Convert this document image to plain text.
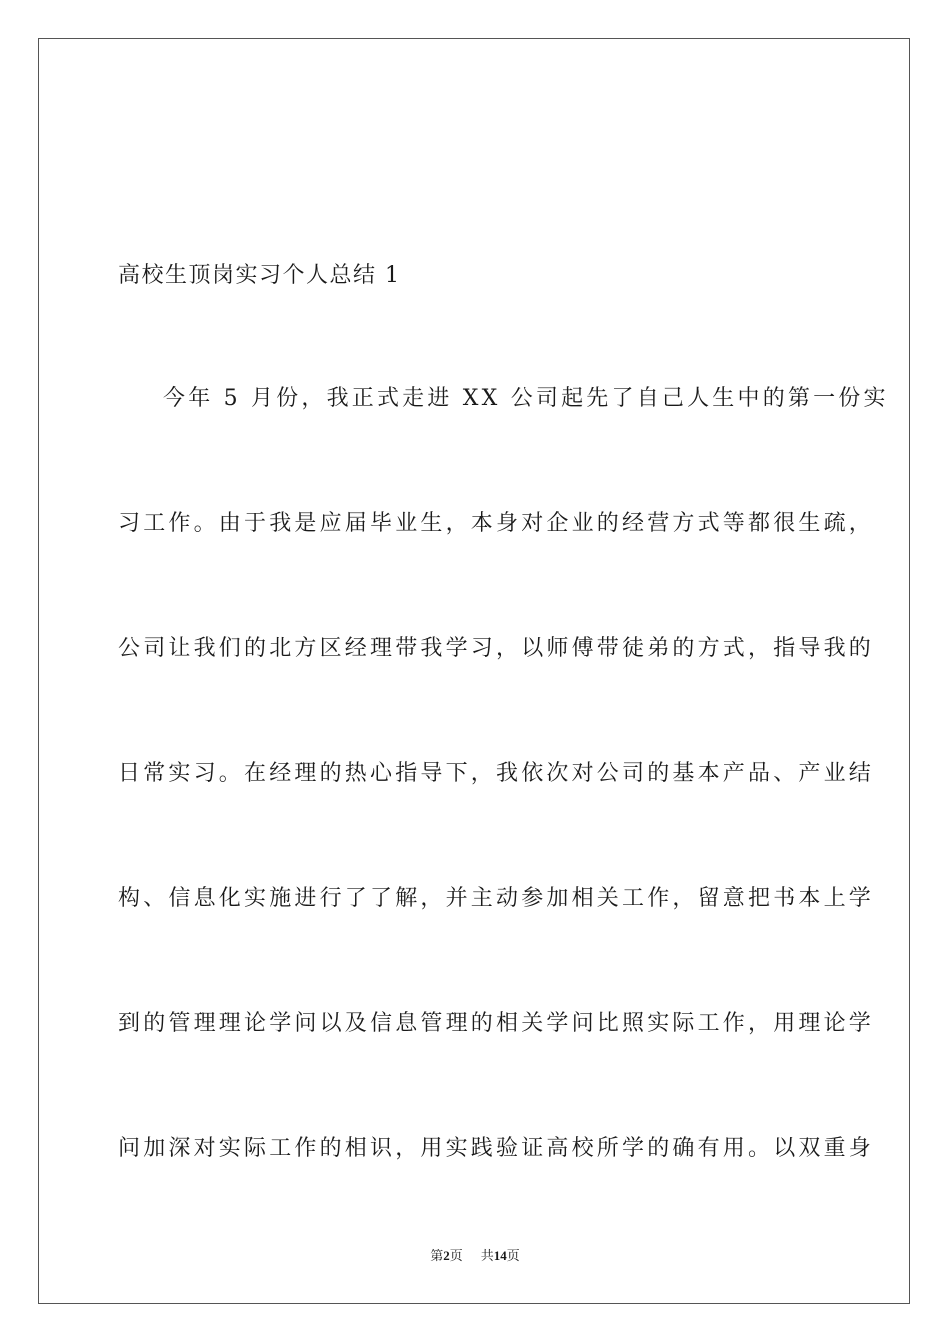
高校生顶岗实习个人总结 1
今年 5 月份，我正式走进 XX 公司起先了自己人生中的第一份实
习工作。由于我是应届毕业生，本身对企业的经营方式等都很生疏，
公司让我们的北方区经理带我学习，以师傅带徒弟的方式，指导我的
日常实习。在经理的热心指导下，我依次对公司的基本产品、产业结
构、信息化实施进行了了解，并主动参加相关工作，留意把书本上学
到的管理理论学问以及信息管理的相关学问比照实际工作，用理论学
问加深对实际工作的相识，用实践验证高校所学的确有用。以双重身
第2页 共14页
